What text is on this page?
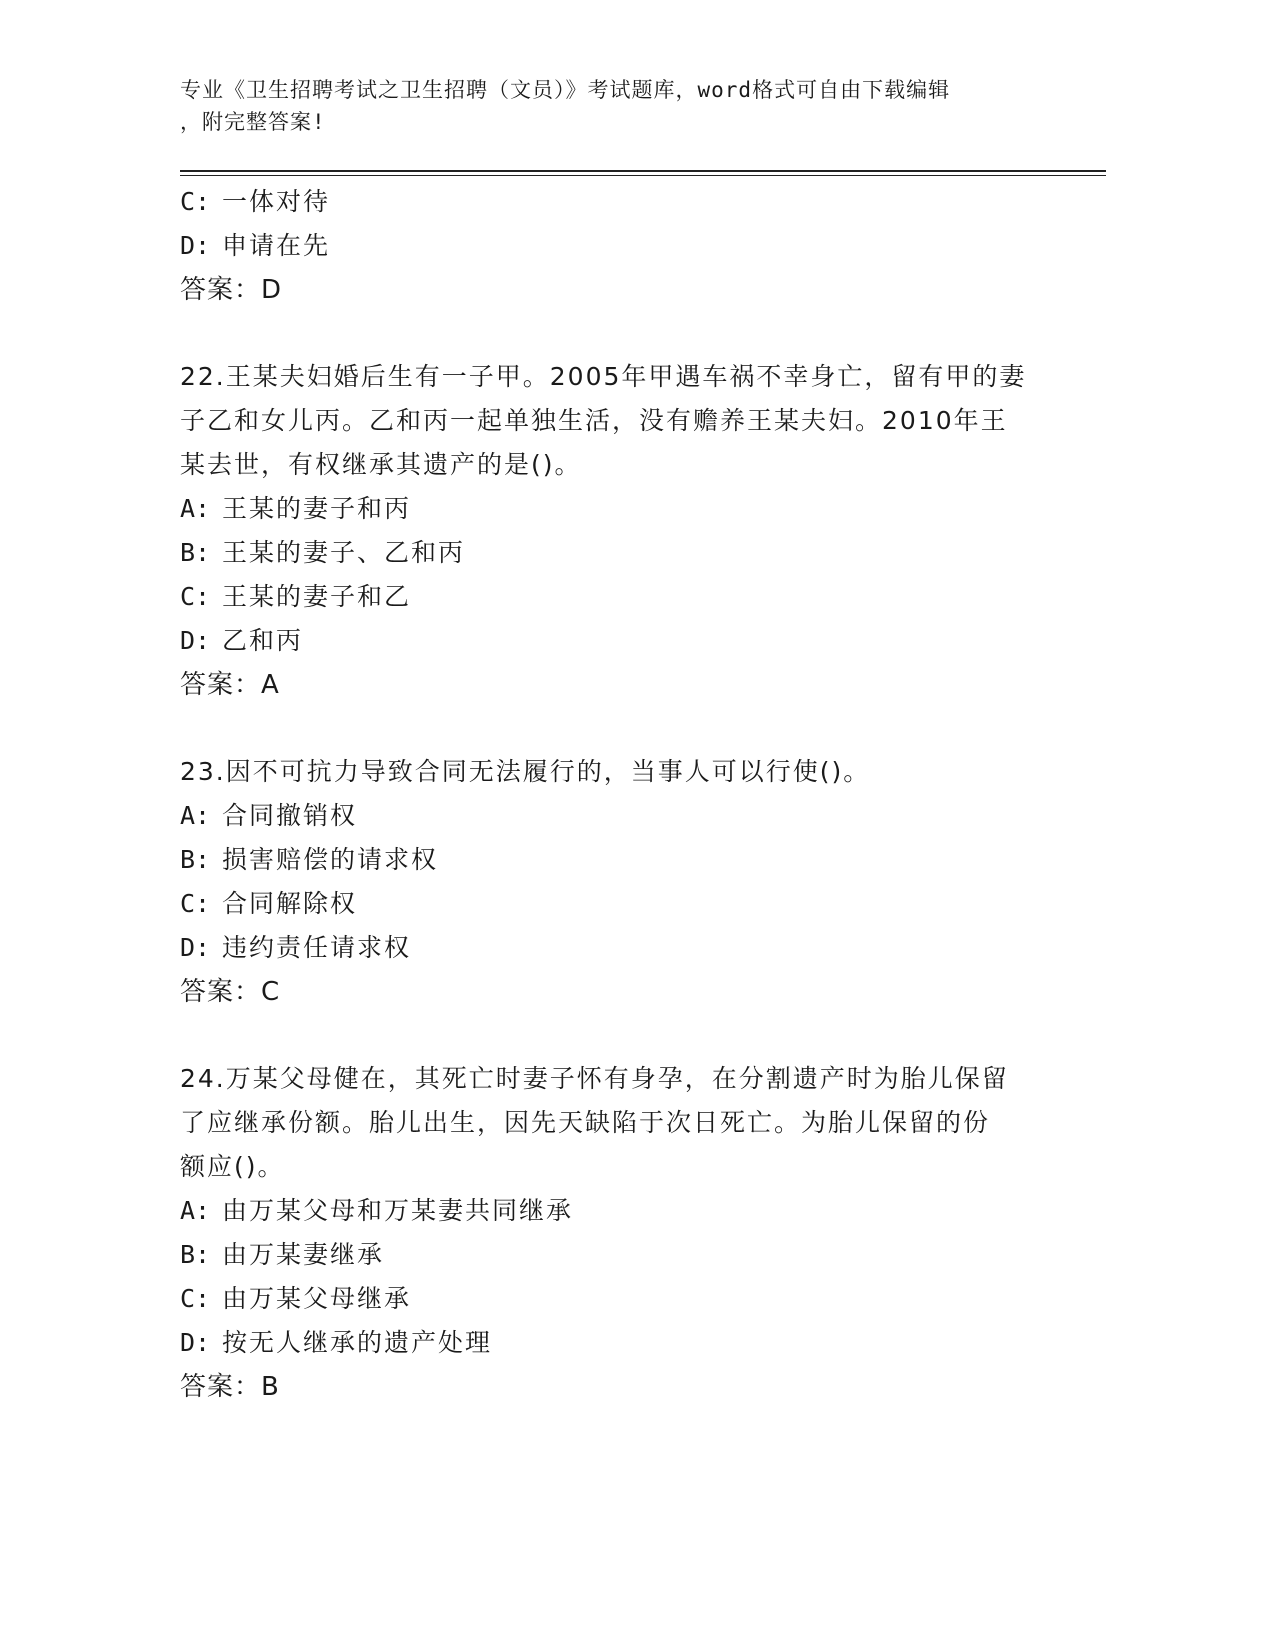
专业《卫生招聘考试之卫生招聘（文员）》考试题库，word格式可自由下载编辑
，附完整答案!
C: 一体对待
D: 申请在先
答案：D
22.王某夫妇婚后生有一子甲。2005年甲遇车祸不幸身亡，留有甲的妻
子乙和女儿丙。乙和丙一起单独生活，没有赡养王某夫妇。2010年王
某去世，有权继承其遗产的是()。
A: 王某的妻子和丙
B: 王某的妻子、乙和丙
C: 王某的妻子和乙
D: 乙和丙
答案：A
23.因不可抗力导致合同无法履行的，当事人可以行使()。
A: 合同撤销权
B: 损害赔偿的请求权
C: 合同解除权
D: 违约责任请求权
答案：C
24.万某父母健在，其死亡时妻子怀有身孕，在分割遗产时为胎儿保留
了应继承份额。胎儿出生，因先天缺陷于次日死亡。为胎儿保留的份
额应()。
A: 由万某父母和万某妻共同继承
B: 由万某妻继承
C: 由万某父母继承
D: 按无人继承的遗产处理
答案：B
